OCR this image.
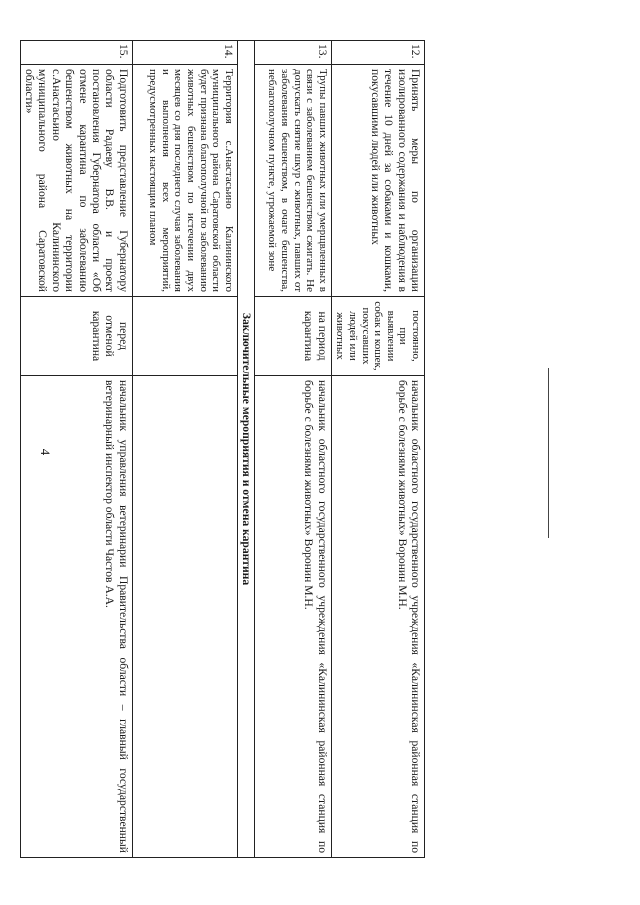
4
12.	Принять меры по организации изолированного содержания и наблюдения в течение 10 дней за собаками и кошками, покусавшими людей или животных	постоянно, при выявлении собак и кошек, покусавших людей или животных	начальник областного государственного учреждения «Калининская районная станция по борьбе с болезнями животных» Воронин М.Н.
13.	Трупы павших животных или умерщвленных в связи с заболеванием бешенством сжигать. Не допускать снятие шкур с животных, павших от заболевания бешенством, в очаге бешенства, неблагополучном пункте, угрожаемой зоне	на период карантина	начальник областного государственного учреждения «Калининская районная станция по борьбе с болезнями животных» Воронин М.Н.
Заключительные мероприятия и отмена карантина			
14.	Территория с.Анастасьино Калининского муниципального района Саратовской области будет признана благополучной по заболеванию животных бешенством по истечении двух месяцев со дня последнего случая заболевания и выполнения всех мероприятий, предусмотренных настоящим планом		
15.	Подготовить представление Губернатору области Радаеву В.В. и проект постановления Губернатора области «Об отмене карантина по заболеванию бешенством животных на территории с.Анастасьино Калининского муниципального района Саратовской области»	перед отменой карантина	начальник управления ветеринарии Правительства области – главный государственный ветеринарный инспектор области Частов А.А.
